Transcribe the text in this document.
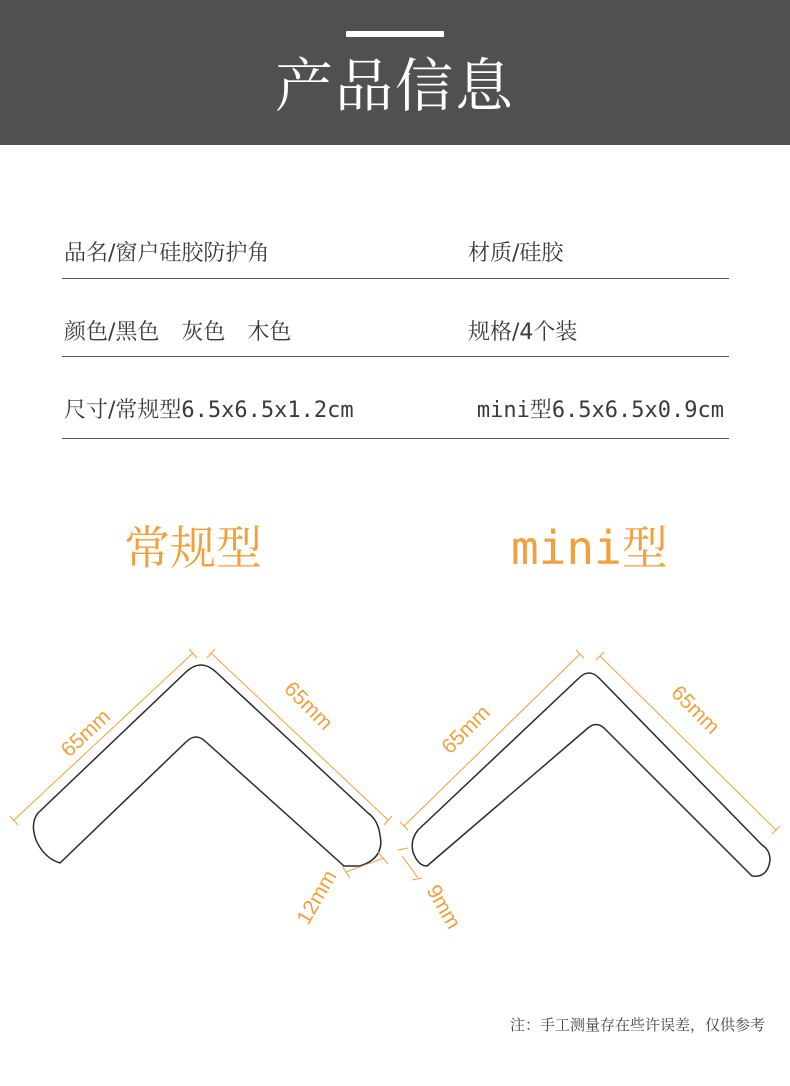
产品信息
品名/窗户硅胶防护角	材质/硅胶
颜色/黑色　灰色　木色	规格/4个装
尺寸/常规型6.5x6.5x1.2cm	mini型6.5x6.5x0.9cm
常规型	mini型
65mm	65mm
12mm
65mm	65mm
9mm
注：手工测量存在些许误差，仅供参考
